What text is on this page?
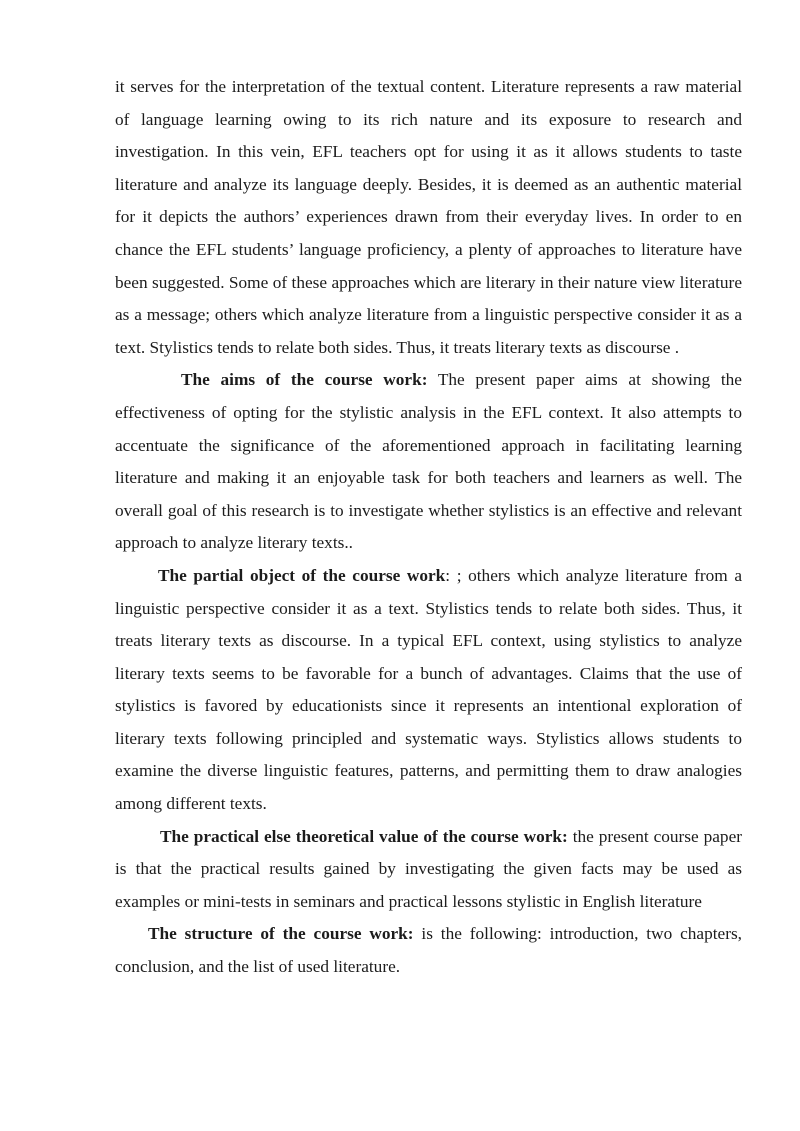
it serves for the interpretation of the textual content. Literature represents a raw material of language learning owing to its rich nature and its exposure to research and investigation. In this vein, EFL teachers opt for using it as it allows students to taste literature and analyze its language deeply. Besides, it is deemed as an authentic material for it depicts the authors’ experiences drawn from their everyday lives. In order to en chance the EFL students’ language proficiency, a plenty of approaches to literature have been suggested. Some of these approaches which are literary in their nature view literature as a message; others which analyze literature from a linguistic perspective consider it as a text. Stylistics tends to relate both sides. Thus, it treats literary texts as discourse .

The aims of the course work: The present paper aims at showing the effectiveness of opting for the stylistic analysis in the EFL context. It also attempts to accentuate the significance of the aforementioned approach in facilitating learning literature and making it an enjoyable task for both teachers and learners as well. The overall goal of this research is to investigate whether stylistics is an effective and relevant approach to analyze literary texts..

The partial object of the course work: ; others which analyze literature from a linguistic perspective consider it as a text. Stylistics tends to relate both sides. Thus, it treats literary texts as discourse. In a typical EFL context, using stylistics to analyze literary texts seems to be favorable for a bunch of advantages. Claims that the use of stylistics is favored by educationists since it represents an intentional exploration of literary texts following principled and systematic ways. Stylistics allows students to examine the diverse linguistic features, patterns, and permitting them to draw analogies among different texts.

The practical else theoretical value of the course work: the present course paper is that the practical results gained by investigating the given facts may be used as examples or mini-tests in seminars and practical lessons stylistic in English literature

The structure of the course work: is the following: introduction, two chapters, conclusion, and the list of used literature.
